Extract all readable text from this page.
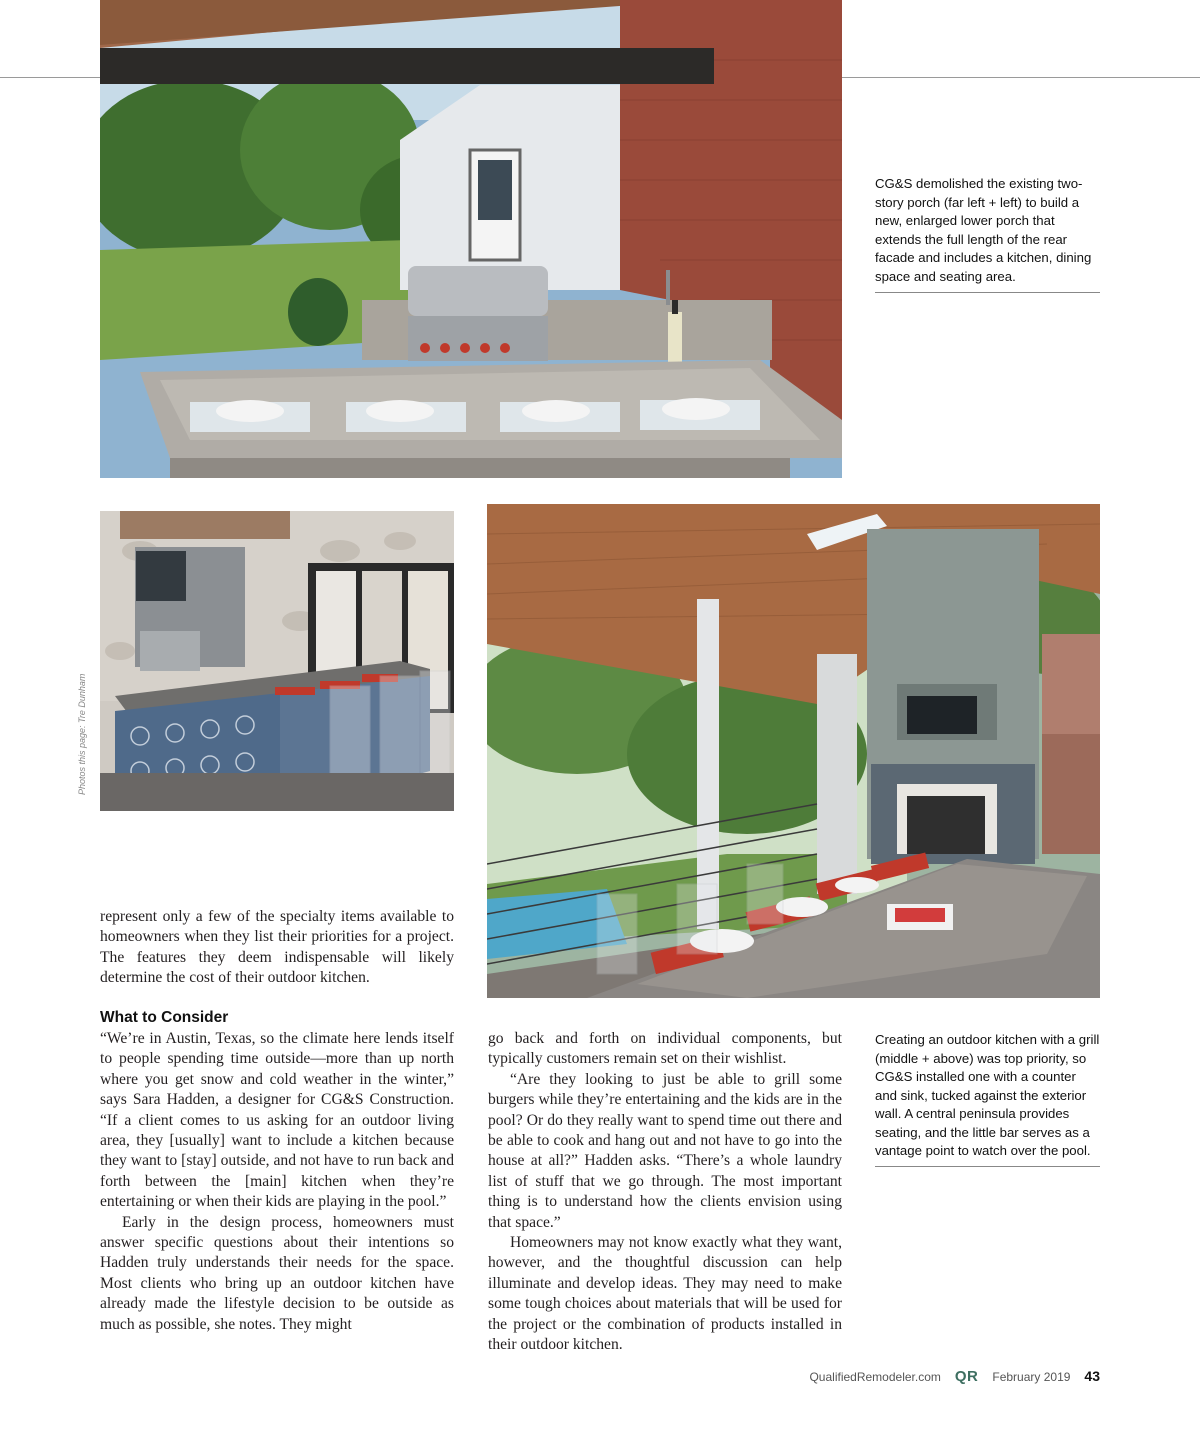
CG&S demolished the existing two-story porch (far left + left) to build a new, enlarged lower porch that extends the full length of the rear facade and includes a kitchen, dining space and seating area.
Photos this page: Tre Dunham
Creating an outdoor kitchen with a grill (middle + above) was top priority, so CG&S installed one with a counter and sink, tucked against the exterior wall. A central peninsula provides seating, and the little bar serves as a vantage point to watch over the pool.

represent only a few of the specialty items available to homeowners when they list their priorities for a project. The features they deem indispensable will likely determine the cost of their outdoor kitchen.

What to Consider

“We’re in Austin, Texas, so the climate here lends itself to people spending time outside—more than up north where you get snow and cold weather in the winter,” says Sara Hadden, a designer for CG&S Construction. “If a client comes to us asking for an outdoor living area, they [usually] want to include a kitchen because they want to [stay] outside, and not have to run back and forth between the [main] kitchen when they’re entertaining or when their kids are playing in the pool.”

Early in the design process, homeowners must answer specific questions about their intentions so Hadden truly understands their needs for the space. Most clients who bring up an outdoor kitchen have already made the lifestyle decision to be outside as much as possible, she notes. They might

go back and forth on individual components, but typically customers remain set on their wishlist.

“Are they looking to just be able to grill some burgers while they’re entertaining and the kids are in the pool? Or do they really want to spend time out there and be able to cook and hang out and not have to go into the house at all?” Hadden asks. “There’s a whole laundry list of stuff that we go through. The most important thing is to understand how the clients envision using that space.”

Homeowners may not know exactly what they want, however, and the thoughtful discussion can help illuminate and develop ideas. They may need to make some tough choices about materials that will be used for the project or the combination of products installed in their outdoor kitchen.

QualifiedRemodeler.com QR February 2019 43
